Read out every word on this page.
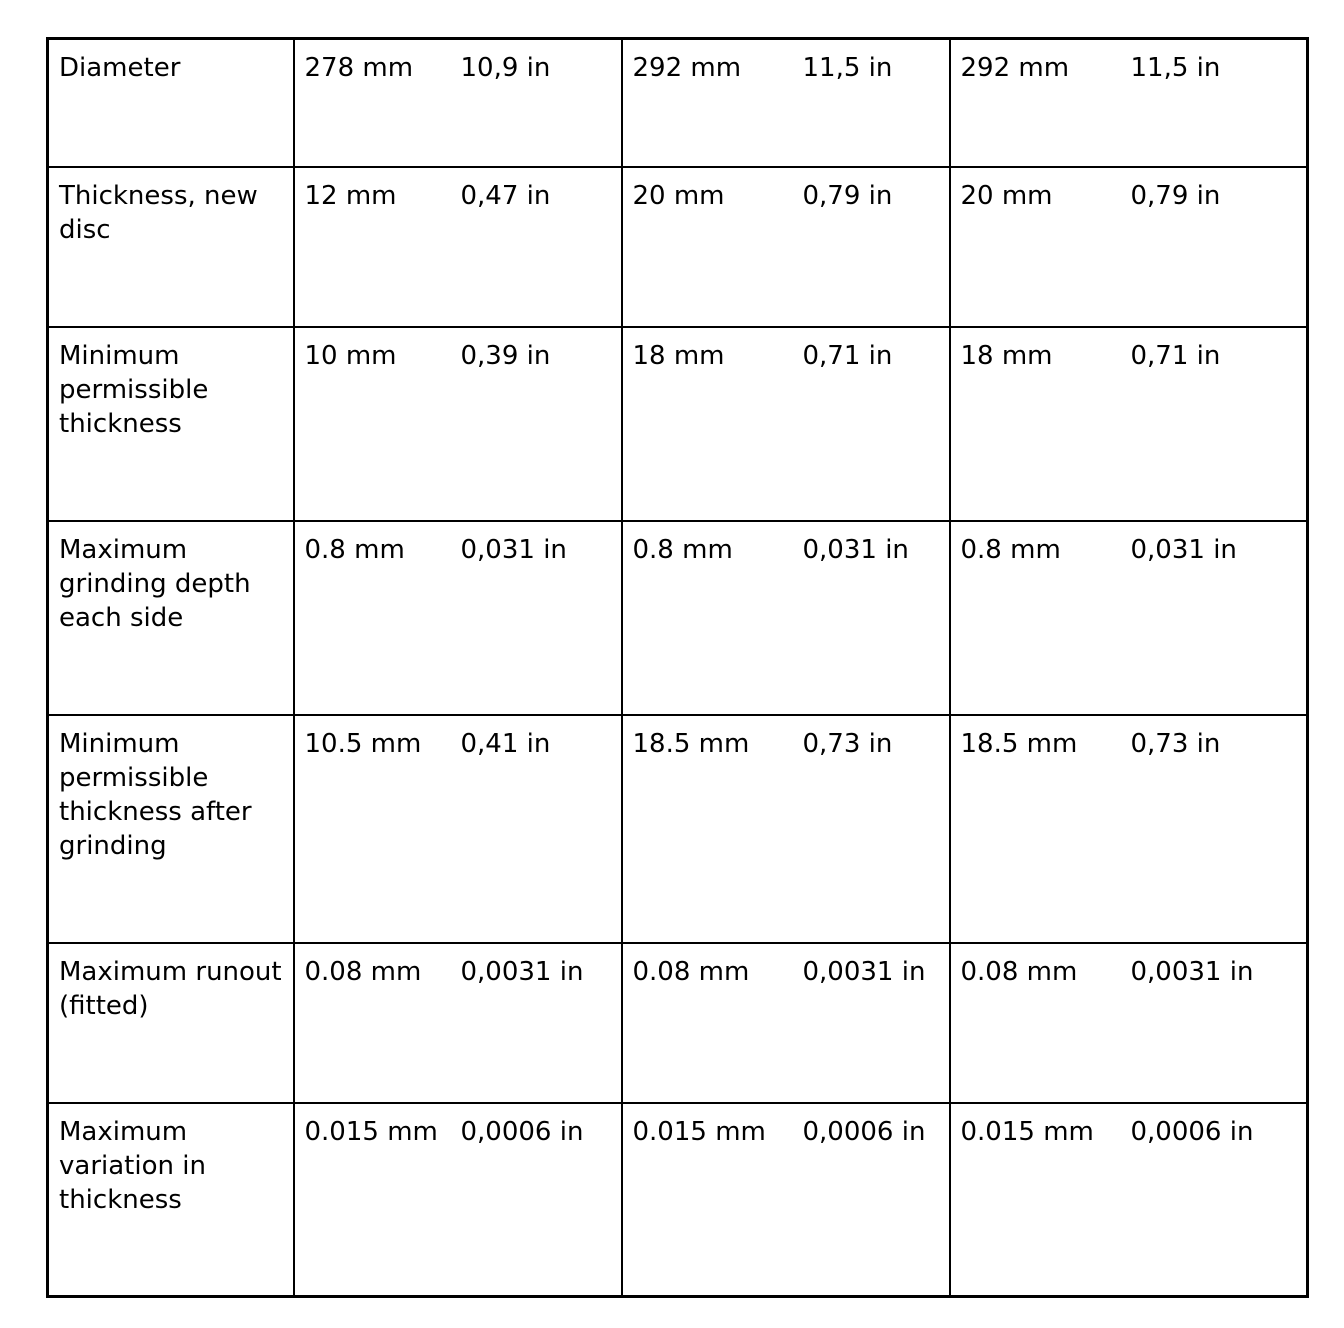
Diameter	278 mm	10,9 in	292 mm	11,5 in	292 mm	11,5 in
Thickness, new disc	12 mm	0,47 in	20 mm	0,79 in	20 mm	0,79 in
Minimum permissible thickness	10 mm	0,39 in	18 mm	0,71 in	18 mm	0,71 in
Maximum grinding depth each side	0.8 mm	0,031 in	0.8 mm	0,031 in	0.8 mm	0,031 in
Minimum permissible thickness after grinding	10.5 mm	0,41 in	18.5 mm	0,73 in	18.5 mm	0,73 in
Maximum runout (fitted)	0.08 mm	0,0031 in	0.08 mm	0,0031 in	0.08 mm	0,0031 in
Maximum variation in thickness	0.015 mm	0,0006 in	0.015 mm	0,0006 in	0.015 mm	0,0006 in
